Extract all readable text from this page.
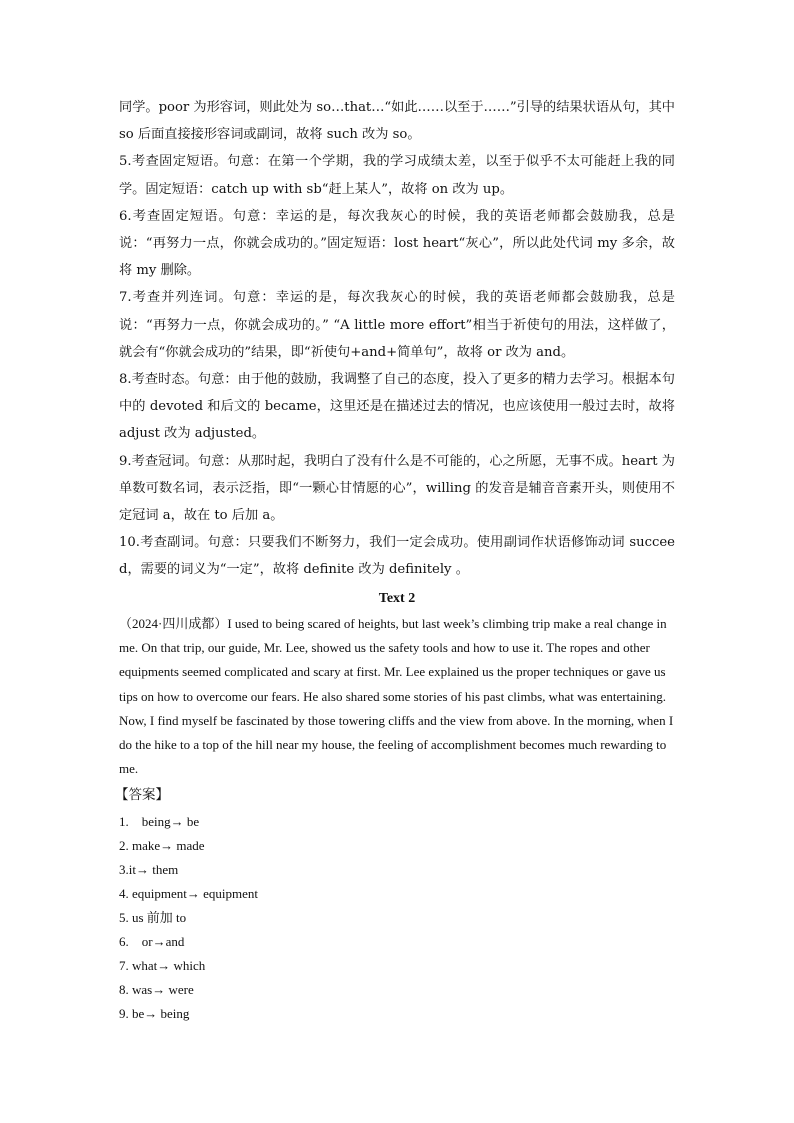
同学。poor 为形容词，则此处为 so…that…“如此……以至于……”引导的结果状语从句，其中 so 后面直接接形容词或副词，故将 such 改为 so。

5.考查固定短语。句意：在第一个学期，我的学习成绩太差，以至于似乎不太可能赶上我的同学。固定短语：catch up with sb“赶上某人”，故将 on 改为 up。

6.考查固定短语。句意：幸运的是，每次我灰心的时候，我的英语老师都会鼓励我，总是说：“再努力一点，你就会成功的。”固定短语：lost heart“灰心”，所以此处代词 my 多余，故将 my 删除。

7.考查并列连词。句意：幸运的是，每次我灰心的时候，我的英语老师都会鼓励我，总是说：“再努力一点，你就会成功的。” “A little more effort”相当于祈使句的用法，这样做了，就会有“你就会成功的”结果，即“祈使句+and+简单句”，故将 or 改为 and。

8.考查时态。句意：由于他的鼓励，我调整了自己的态度，投入了更多的精力去学习。根据本句中的 devoted 和后文的 became，这里还是在描述过去的情况，也应该使用一般过去时，故将 adjust 改为 adjusted。

9.考查冠词。句意：从那时起，我明白了没有什么是不可能的，心之所愿，无事不成。heart 为单数可数名词，表示泛指，即“一颗心甘情愿的心”，willing 的发音是辅音音素开头，则使用不定冠词 a，故在 to 后加 a。

10.考查副词。句意：只要我们不断努力，我们一定会成功。使用副词作状语修饰动词 succeed，需要的词义为“一定”，故将 definite 改为 definitely 。

Text 2

（2024·四川成都）I used to being scared of heights, but last week’s climbing trip make a real change in me. On that trip, our guide, Mr. Lee, showed us the safety tools and how to use it. The ropes and other equipments seemed complicated and scary at first. Mr. Lee explained us the proper techniques or gave us tips on how to overcome our fears. He also shared some stories of his past climbs, what was entertaining. Now, I find myself be fascinated by those towering cliffs and the view from above. In the morning, when I do the hike to a top of the hill near my house, the feeling of accomplishment becomes much rewarding to me.

【答案】

1.    being→ be

2. make→ made

3.it→ them

4. equipment→ equipment

5. us 前加 to

6.    or→and

7. what→ which

8. was→ were

9. be→ being
